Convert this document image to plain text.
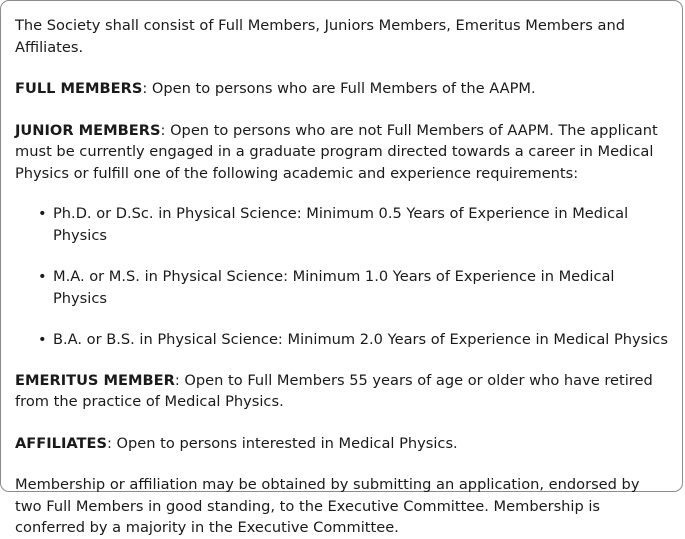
The Society shall consist of Full Members, Juniors Members, Emeritus Members and Affiliates.

FULL MEMBERS: Open to persons who are Full Members of the AAPM.

JUNIOR MEMBERS: Open to persons who are not Full Members of AAPM. The applicant must be currently engaged in a graduate program directed towards a career in Medical Physics or fulfill one of the following academic and experience requirements:

• Ph.D. or D.Sc. in Physical Science: Minimum 0.5 Years of Experience in Medical Physics
• M.A. or M.S. in Physical Science: Minimum 1.0 Years of Experience in Medical Physics
• B.A. or B.S. in Physical Science: Minimum 2.0 Years of Experience in Medical Physics

EMERITUS MEMBER: Open to Full Members 55 years of age or older who have retired from the practice of Medical Physics.

AFFILIATES: Open to persons interested in Medical Physics.

Membership or affiliation may be obtained by submitting an application, endorsed by two Full Members in good standing, to the Executive Committee. Membership is conferred by a majority in the Executive Committee.
